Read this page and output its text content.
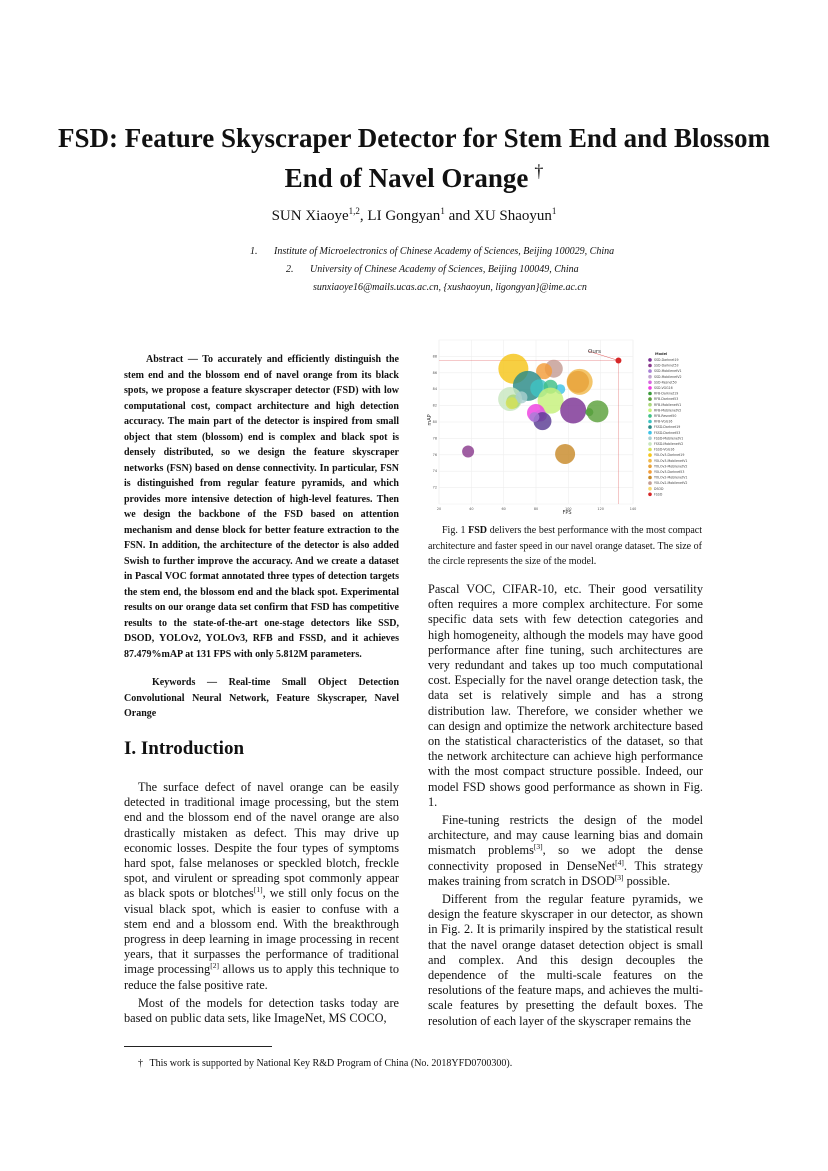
FSD: Feature Skyscraper Detector for Stem End and Blossom End of Navel Orange †
SUN Xiaoye$^{1,2}$, LI Gongyan$^1$ and XU Shaoyun$^1$
1. Institute of Microelectronics of Chinese Academy of Sciences, Beijing 100029, China
2. University of Chinese Academy of Sciences, Beijing 100049, China
sunxiaoye16@mails.ucas.ac.cn, {xushaoyun, ligongyan}@ime.ac.cn
Abstract — To accurately and efficiently distinguish the stem end and the blossom end of navel orange from its black spots, we propose a feature skyscraper detector (FSD) with low computational cost, compact architecture and high detection accuracy. The main part of the detector is inspired from small object that stem (blossom) end is complex and black spot is densely distributed, so we design the feature skyscraper networks (FSN) based on dense connectivity. In particular, FSN is distinguished from regular feature pyramids, and which provides more intensive detection of high-level features. Then we design the backbone of the FSD based on attention mechanism and dense block for better feature extraction to the FSN. In addition, the architecture of the detector is also added Swish to further improve the accuracy. And we create a dataset in Pascal VOC format annotated three types of detection targets the stem end, the blossom end and the black spot. Experimental results on our orange data set confirm that FSD has competitive results to the state-of-the-art one-stage detectors like SSD, DSOD, YOLOv2, YOLOv3, RFB and FSSD, and it achieves 87.479%mAP at 131 FPS with only 5.812M parameters.
Keywords — Real-time Small Object Detection Convolutional Neural Network, Feature Skyscraper, Navel Orange
I. Introduction

The surface defect of navel orange can be easily detected in traditional image processing, but the stem end and the blossom end of the navel orange are also drastically mistaken as defect. This may drive up economic losses. Despite the four types of symptoms hard spot, false melanoses or speckled blotch, freckle spot, and virulent or spreading spot commonly appear as black spots or blotches[1], we still only focus on the visual black spot, which is easier to confuse with a stem end and a blossom end. With the breakthrough progress in deep learning in image processing in recent years, that it surpasses the performance of traditional image processing[2] allows us to apply this technique to reduce the false positive rate.

Most of the models for detection tasks today are based on public data sets, like ImageNet, MS COCO,

20	40	60	80	100	120	140
72
74
76
78
80
82
84
86
88
Model
SSD-Darknet19
SSD-Darknet53
SSD-MobilenetV1
SSD-MobilenetV2
SSD-Resnet50
SSD-VGG16
RFB-Darknet19
RFB-Darknet53
RFB-MobilenetV1
RFB-MobilenetV2
RFB-Resnet50
RFB-VGG16
FSSD-Darknet19
FSSD-Darknet53
FSSD-MobilenetV1
FSSD-MobilenetV2
FSSD-VGG16
YOLOv3-Darknet19
YOLOv3-MobilenetV1
YOLOv3-MobilenetV2
YOLOv3-Darknet53
YOLOv2-MobilenetV1
YOLOv2-MobilenetV2
DSOD
FSSD
FPS
mAP
Ours
Fig. 1 FSD delivers the best performance with the most compact architecture and faster speed in our navel orange dataset. The size of the circle represents the size of the model.

Pascal VOC, CIFAR-10, etc. Their good versatility often requires a more complex architecture. For some specific data sets with few detection categories and high homogeneity, although the models may have good performance after fine tuning, such architectures are very redundant and takes up too much computational cost. Especially for the navel orange detection task, the data set is relatively simple and has a strong distribution law. Therefore, we consider whether we can design and optimize the network architecture based on the statistical characteristics of the dataset, so that the network architecture can achieve high performance with the most compact structure possible. Indeed, our model FSD shows good performance as shown in Fig. 1.

Fine-tuning restricts the design of the model architecture, and may cause learning bias and domain mismatch problems[3], so we adopt the dense connectivity proposed in DenseNet[4]. This strategy makes training from scratch in DSOD[3] possible.

Different from the regular feature pyramids, we design the feature skyscraper in our detector, as shown in Fig. 2. It is primarily inspired by the statistical result that the navel orange dataset detection object is small and complex. And this design decouples the dependence of the multi-scale features on the resolutions of the feature maps, and achieves the multi-scale features by presetting the default boxes. The resolution of each layer of the skyscraper remains the

† This work is supported by National Key R&D Program of China (No. 2018YFD0700300).
